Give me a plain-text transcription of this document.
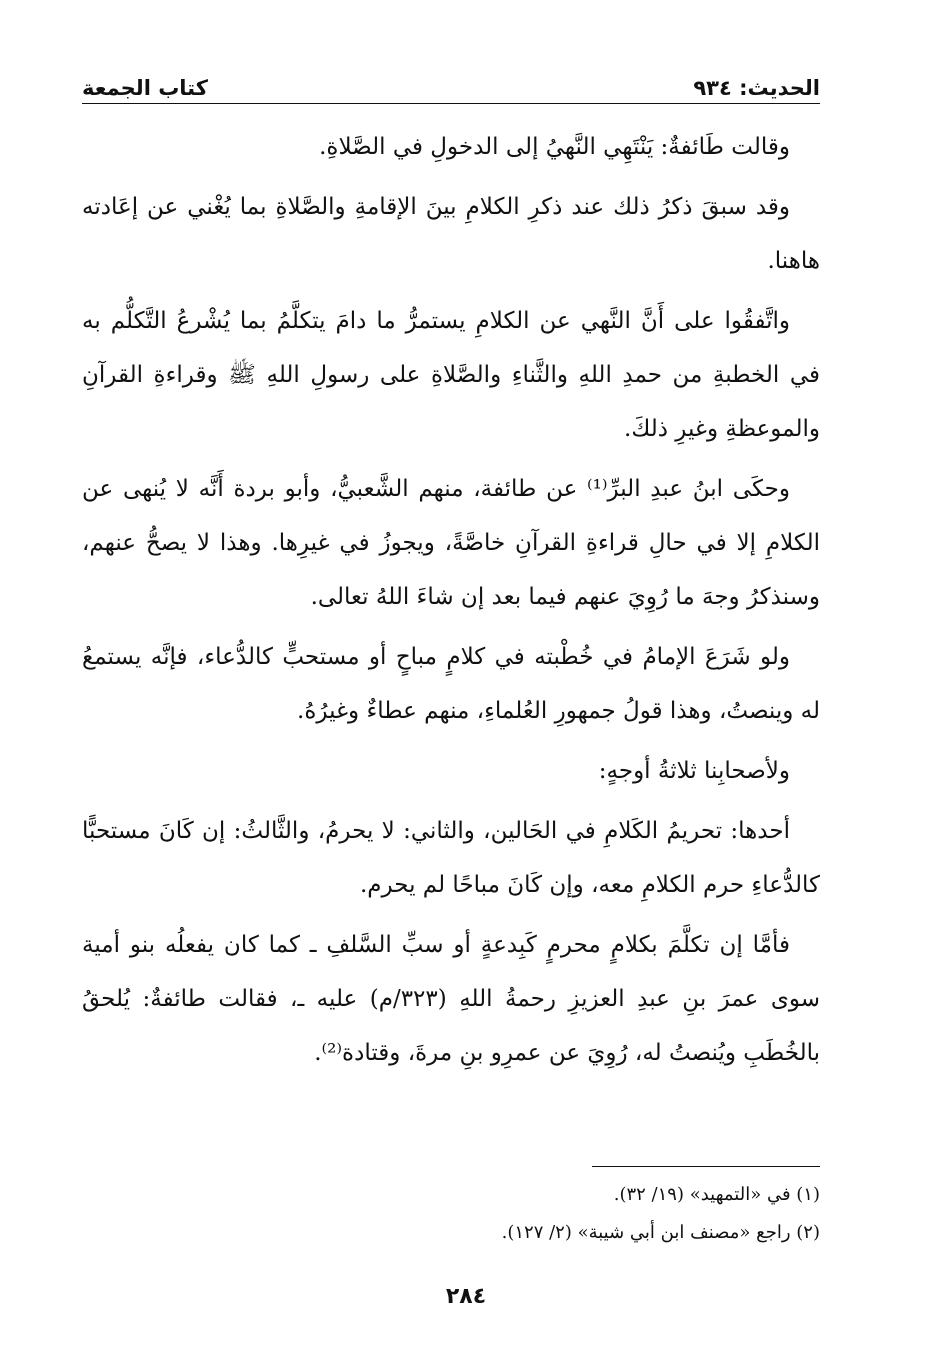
الحديث: ٩٣٤
كتاب الجمعة

وقالت طَائفةٌ: يَنْتَهِي النَّهيُ إلى الدخولِ في الصَّلاةِ.

وقد سبقَ ذكرُ ذلك عند ذكرِ الكلامِ بينَ الإقامةِ والصَّلاةِ بما يُغْني عن إعَادته هاهنا.

واتَّفقُوا على أَنَّ النَّهي عن الكلامِ يستمرُّ ما دامَ يتكلَّمُ بما يُشْرعُ التَّكلُّم به في الخطبةِ من حمدِ اللهِ والثَّناءِ والصَّلاةِ على رسولِ اللهِ ﷺ وقراءةِ القرآنِ والموعظةِ وغيرِ ذلكَ.

وحكَى ابنُ عبدِ البرِّ⁽¹⁾ عن طائفة، منهم الشَّعبيُّ، وأبو بردة أَنَّه لا يُنهى عن الكلامِ إلا في حالِ قراءةِ القرآنِ خاصَّةً، ويجوزُ في غيرِها. وهذا لا يصحُّ عنهم، وسنذكرُ وجهَ ما رُوِيَ عنهم فيما بعد إن شاءَ اللهُ تعالى.

ولو شَرَعَ الإمامُ في خُطْبته في كلامٍ مباحٍ أو مستحبٍّ كالدُّعاء، فإنَّه يستمعُ له وينصتُ، وهذا قولُ جمهورِ العُلماءِ، منهم عطاءٌ وغيرُهُ.

ولأصحابِنا ثلاثةُ أوجهٍ:

أحدها: تحريمُ الكَلامِ في الحَالين، والثاني: لا يحرمُ، والثَّالثُ: إن كَانَ مستحبًّا كالدُّعاءِ حرم الكلامِ معه، وإن كَانَ مباحًا لم يحرم.

فأمَّا إن تكلَّمَ بكلامٍ محرمٍ كَبِدعةٍ أو سبِّ السَّلفِ ـ كما كان يفعلُه بنو أمية سوى عمرَ بنِ عبدِ العزيزِ رحمةُ اللهِ (٣٢٣/م) عليه ـ، فقالت طائفةٌ: يُلحقُ بالخُطَبِ ويُنصتُ له، رُوِيَ عن عمرِو بنِ مرةَ، وقتادة⁽²⁾.

(١) في «التمهيد» (١٩/ ٣٢).

(٢) راجع «مصنف ابن أبي شيبة» (٢/ ١٢٧).

٢٨٤
